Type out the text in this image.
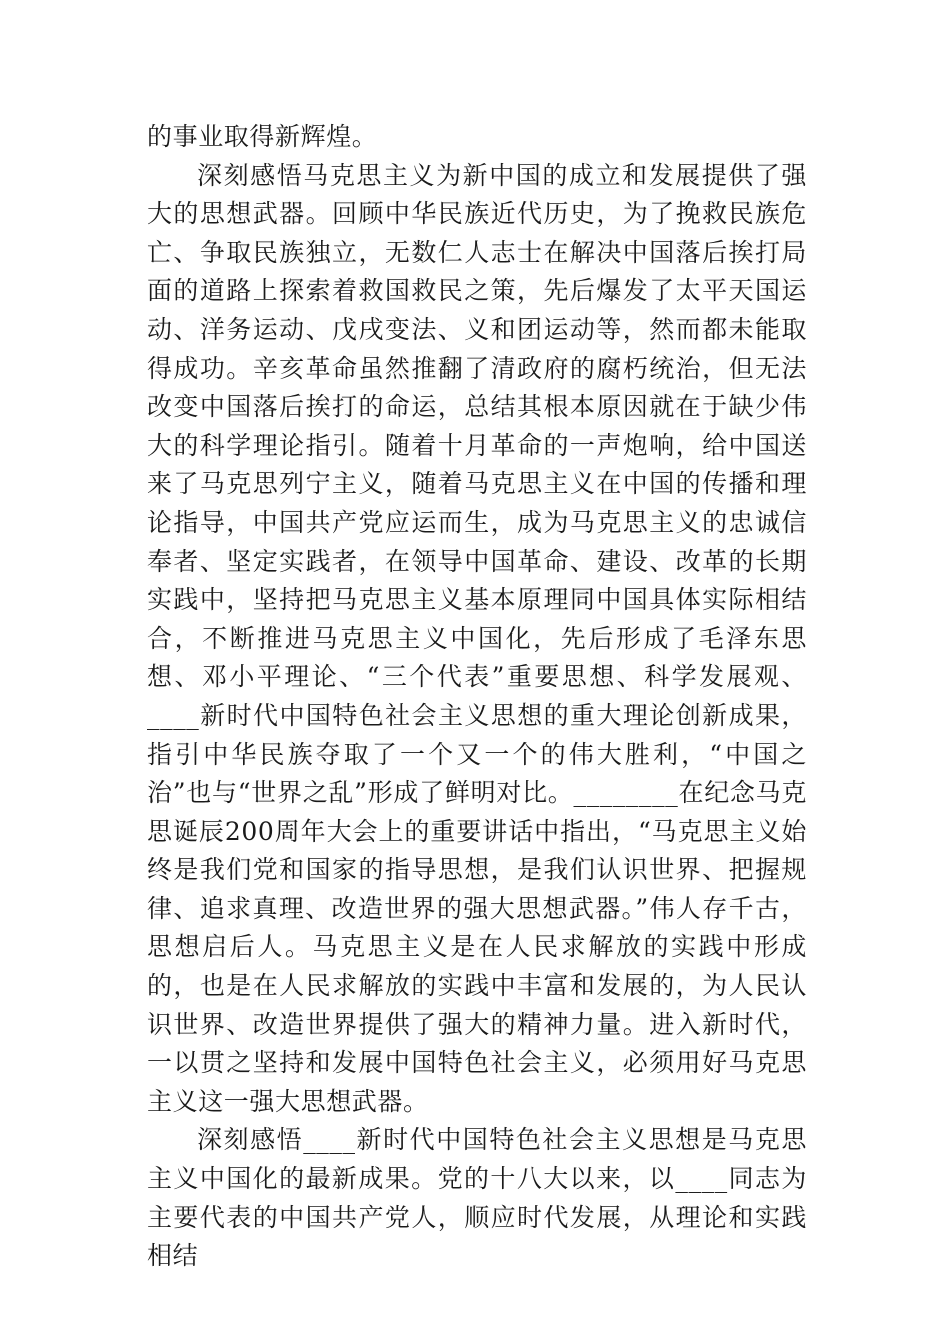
的事业取得新辉煌。

深刻感悟马克思主义为新中国的成立和发展提供了强大的思想武器。回顾中华民族近代历史，为了挽救民族危亡、争取民族独立，无数仁人志士在解决中国落后挨打局面的道路上探索着救国救民之策，先后爆发了太平天国运动、洋务运动、戊戌变法、义和团运动等，然而都未能取得成功。辛亥革命虽然推翻了清政府的腐朽统治，但无法改变中国落后挨打的命运，总结其根本原因就在于缺少伟大的科学理论指引。随着十月革命的一声炮响，给中国送来了马克思列宁主义，随着马克思主义在中国的传播和理论指导，中国共产党应运而生，成为马克思主义的忠诚信奉者、坚定实践者，在领导中国革命、建设、改革的长期实践中，坚持把马克思主义基本原理同中国具体实际相结合，不断推进马克思主义中国化，先后形成了毛泽东思想、邓小平理论、“三个代表”重要思想、科学发展观、____新时代中国特色社会主义思想的重大理论创新成果，指引中华民族夺取了一个又一个的伟大胜利，“中国之治”也与“世界之乱”形成了鲜明对比。________在纪念马克思诞辰200周年大会上的重要讲话中指出，“马克思主义始终是我们党和国家的指导思想，是我们认识世界、把握规律、追求真理、改造世界的强大思想武器。”伟人存千古，思想启后人。马克思主义是在人民求解放的实践中形成的，也是在人民求解放的实践中丰富和发展的，为人民认识世界、改造世界提供了强大的精神力量。进入新时代，一以贯之坚持和发展中国特色社会主义，必须用好马克思主义这一强大思想武器。

深刻感悟____新时代中国特色社会主义思想是马克思主义中国化的最新成果。党的十八大以来，以____同志为主要代表的中国共产党人，顺应时代发展，从理论和实践相结
